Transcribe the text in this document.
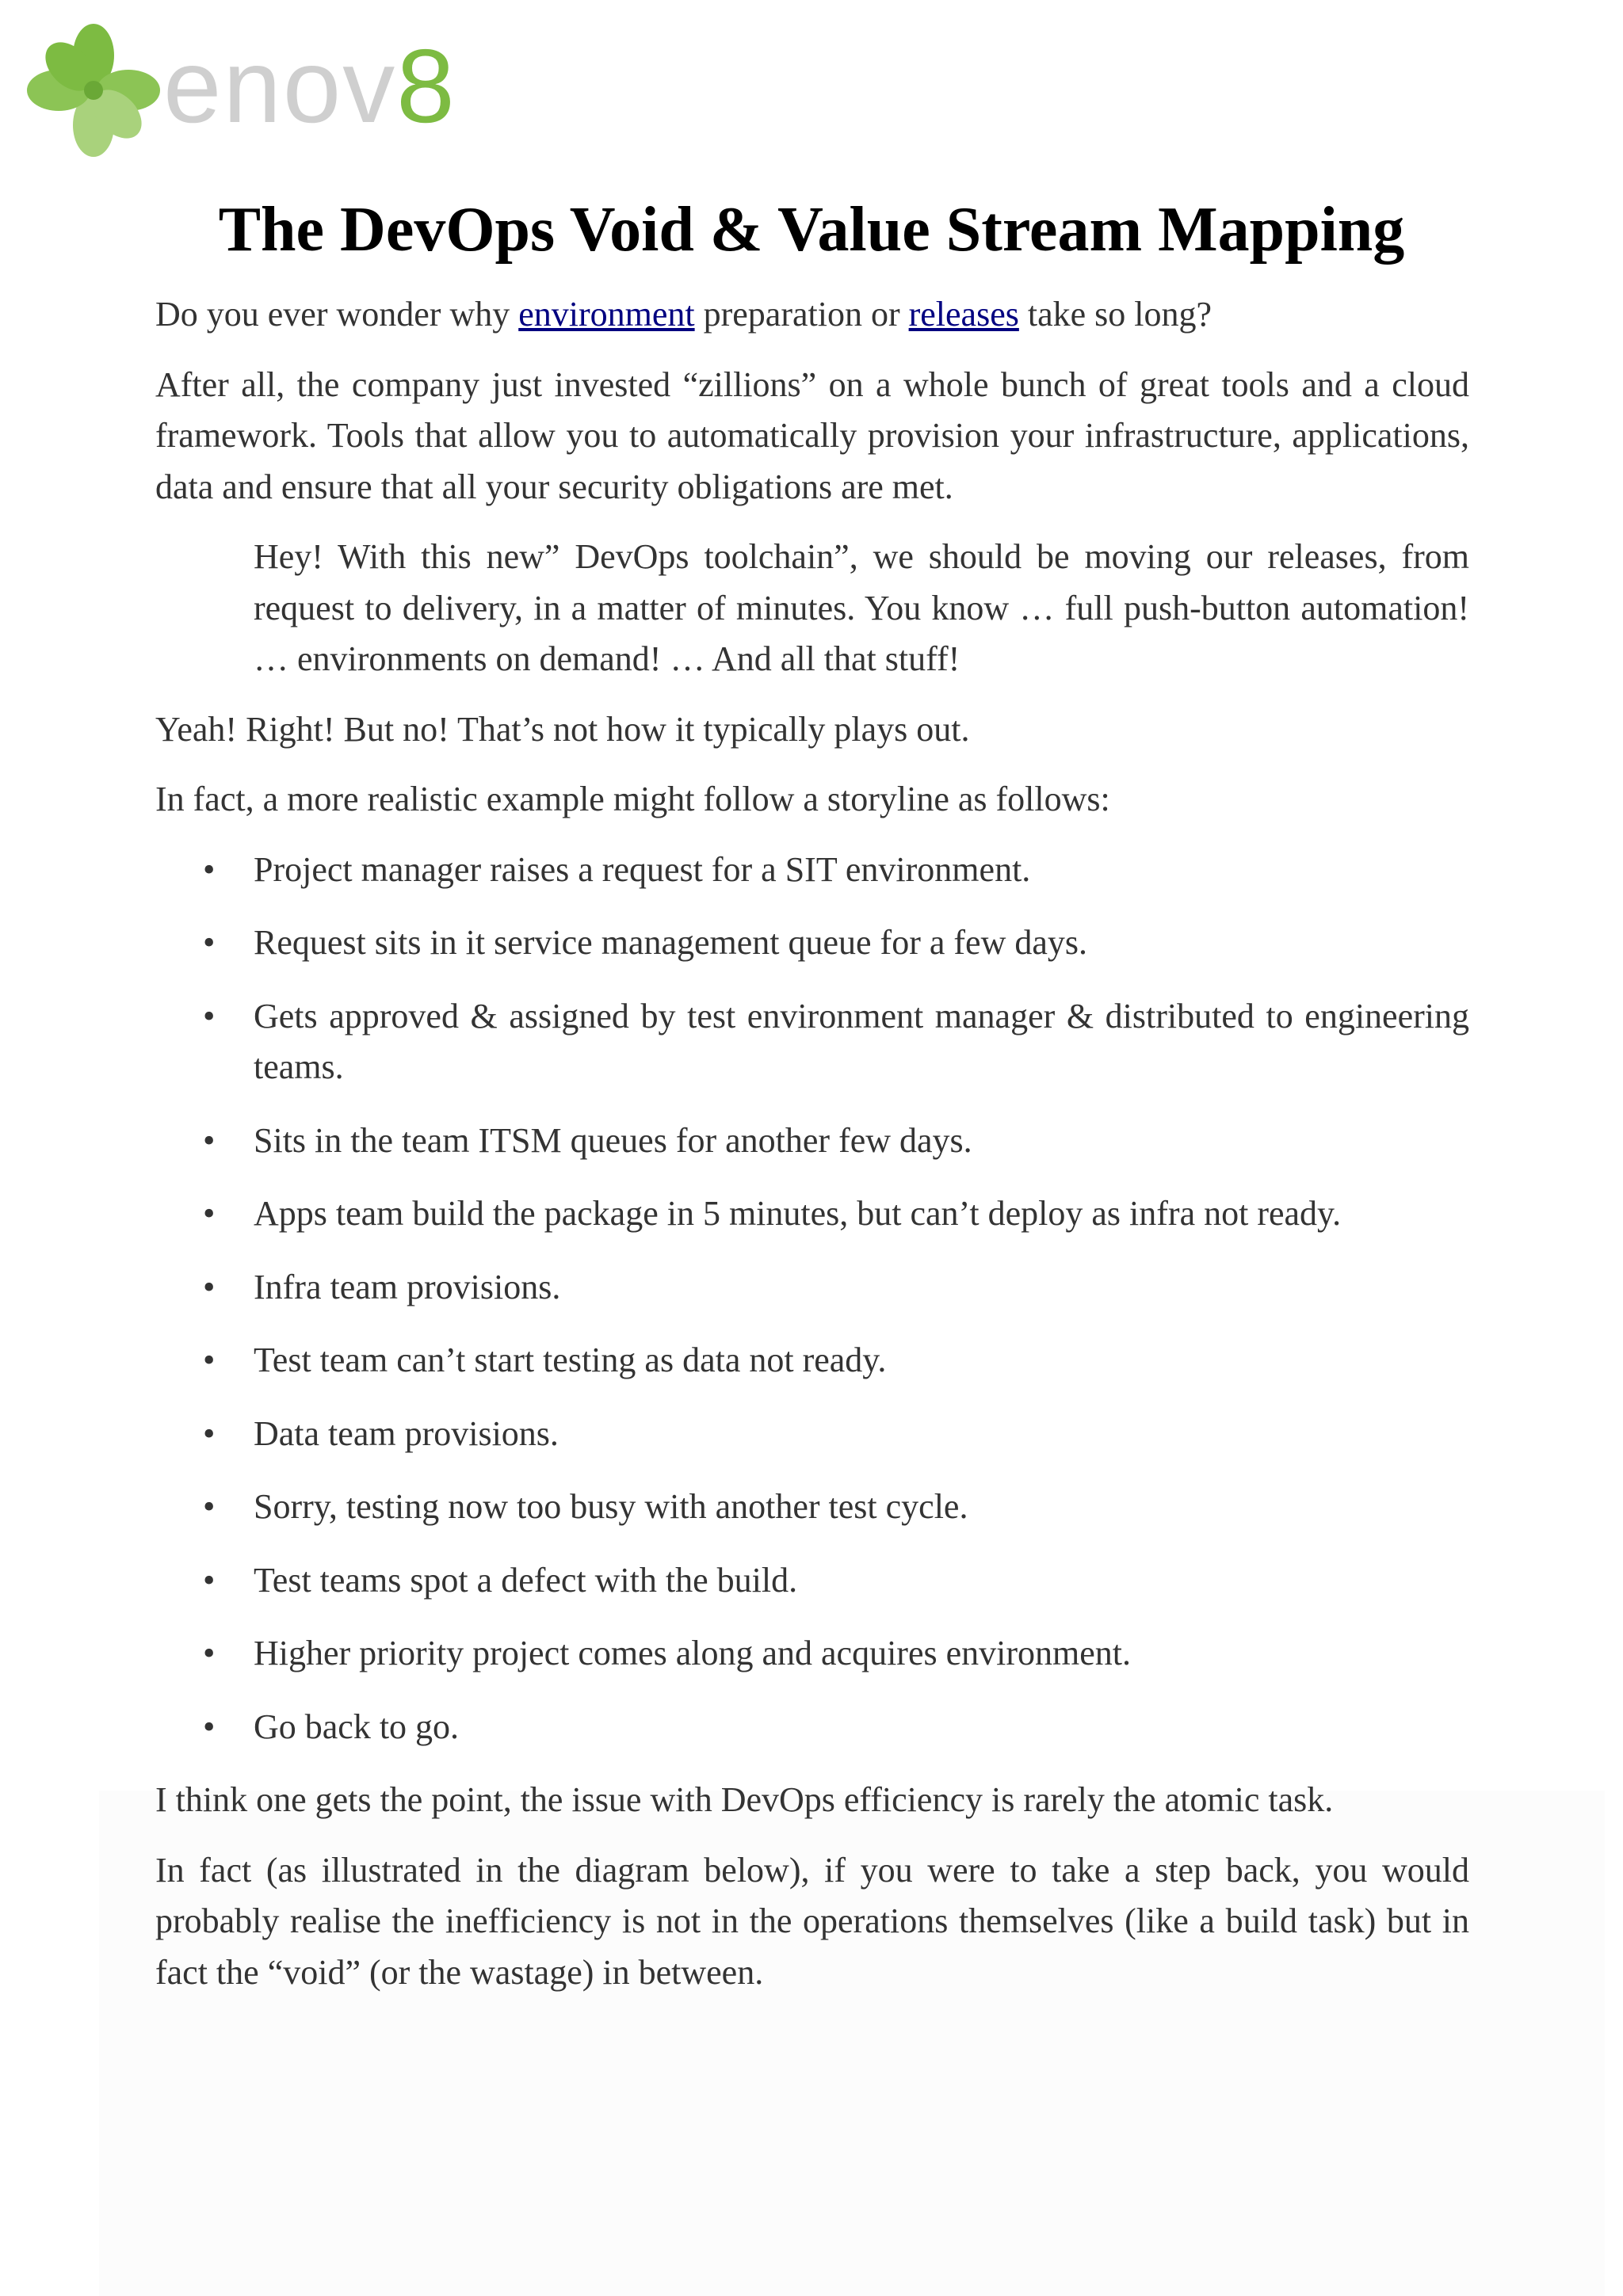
enov8
The DevOps Void & Value Stream Mapping

Do you ever wonder why environment preparation or releases take so long?

After all, the company just invested “zillions” on a whole bunch of great tools and a cloud framework. Tools that allow you to automatically provision your infrastructure, applications, data and ensure that all your security obligations are met.

Hey! With this new” DevOps toolchain”, we should be moving our releases, from request to delivery, in a matter of minutes. You know … full push-button automation! … environments on demand! … And all that stuff!

Yeah! Right! But no! That’s not how it typically plays out.

In fact, a more realistic example might follow a storyline as follows:

• Project manager raises a request for a SIT environment.
• Request sits in it service management queue for a few days.
• Gets approved & assigned by test environment manager & distributed to engineering teams.
• Sits in the team ITSM queues for another few days.
• Apps team build the package in 5 minutes, but can’t deploy as infra not ready.
• Infra team provisions.
• Test team can’t start testing as data not ready.
• Data team provisions.
• Sorry, testing now too busy with another test cycle.
• Test teams spot a defect with the build.
• Higher priority project comes along and acquires environment.
• Go back to go.

I think one gets the point, the issue with DevOps efficiency is rarely the atomic task.

In fact (as illustrated in the diagram below), if you were to take a step back, you would probably realise the inefficiency is not in the operations themselves (like a build task) but in fact the “void” (or the wastage) in between.
